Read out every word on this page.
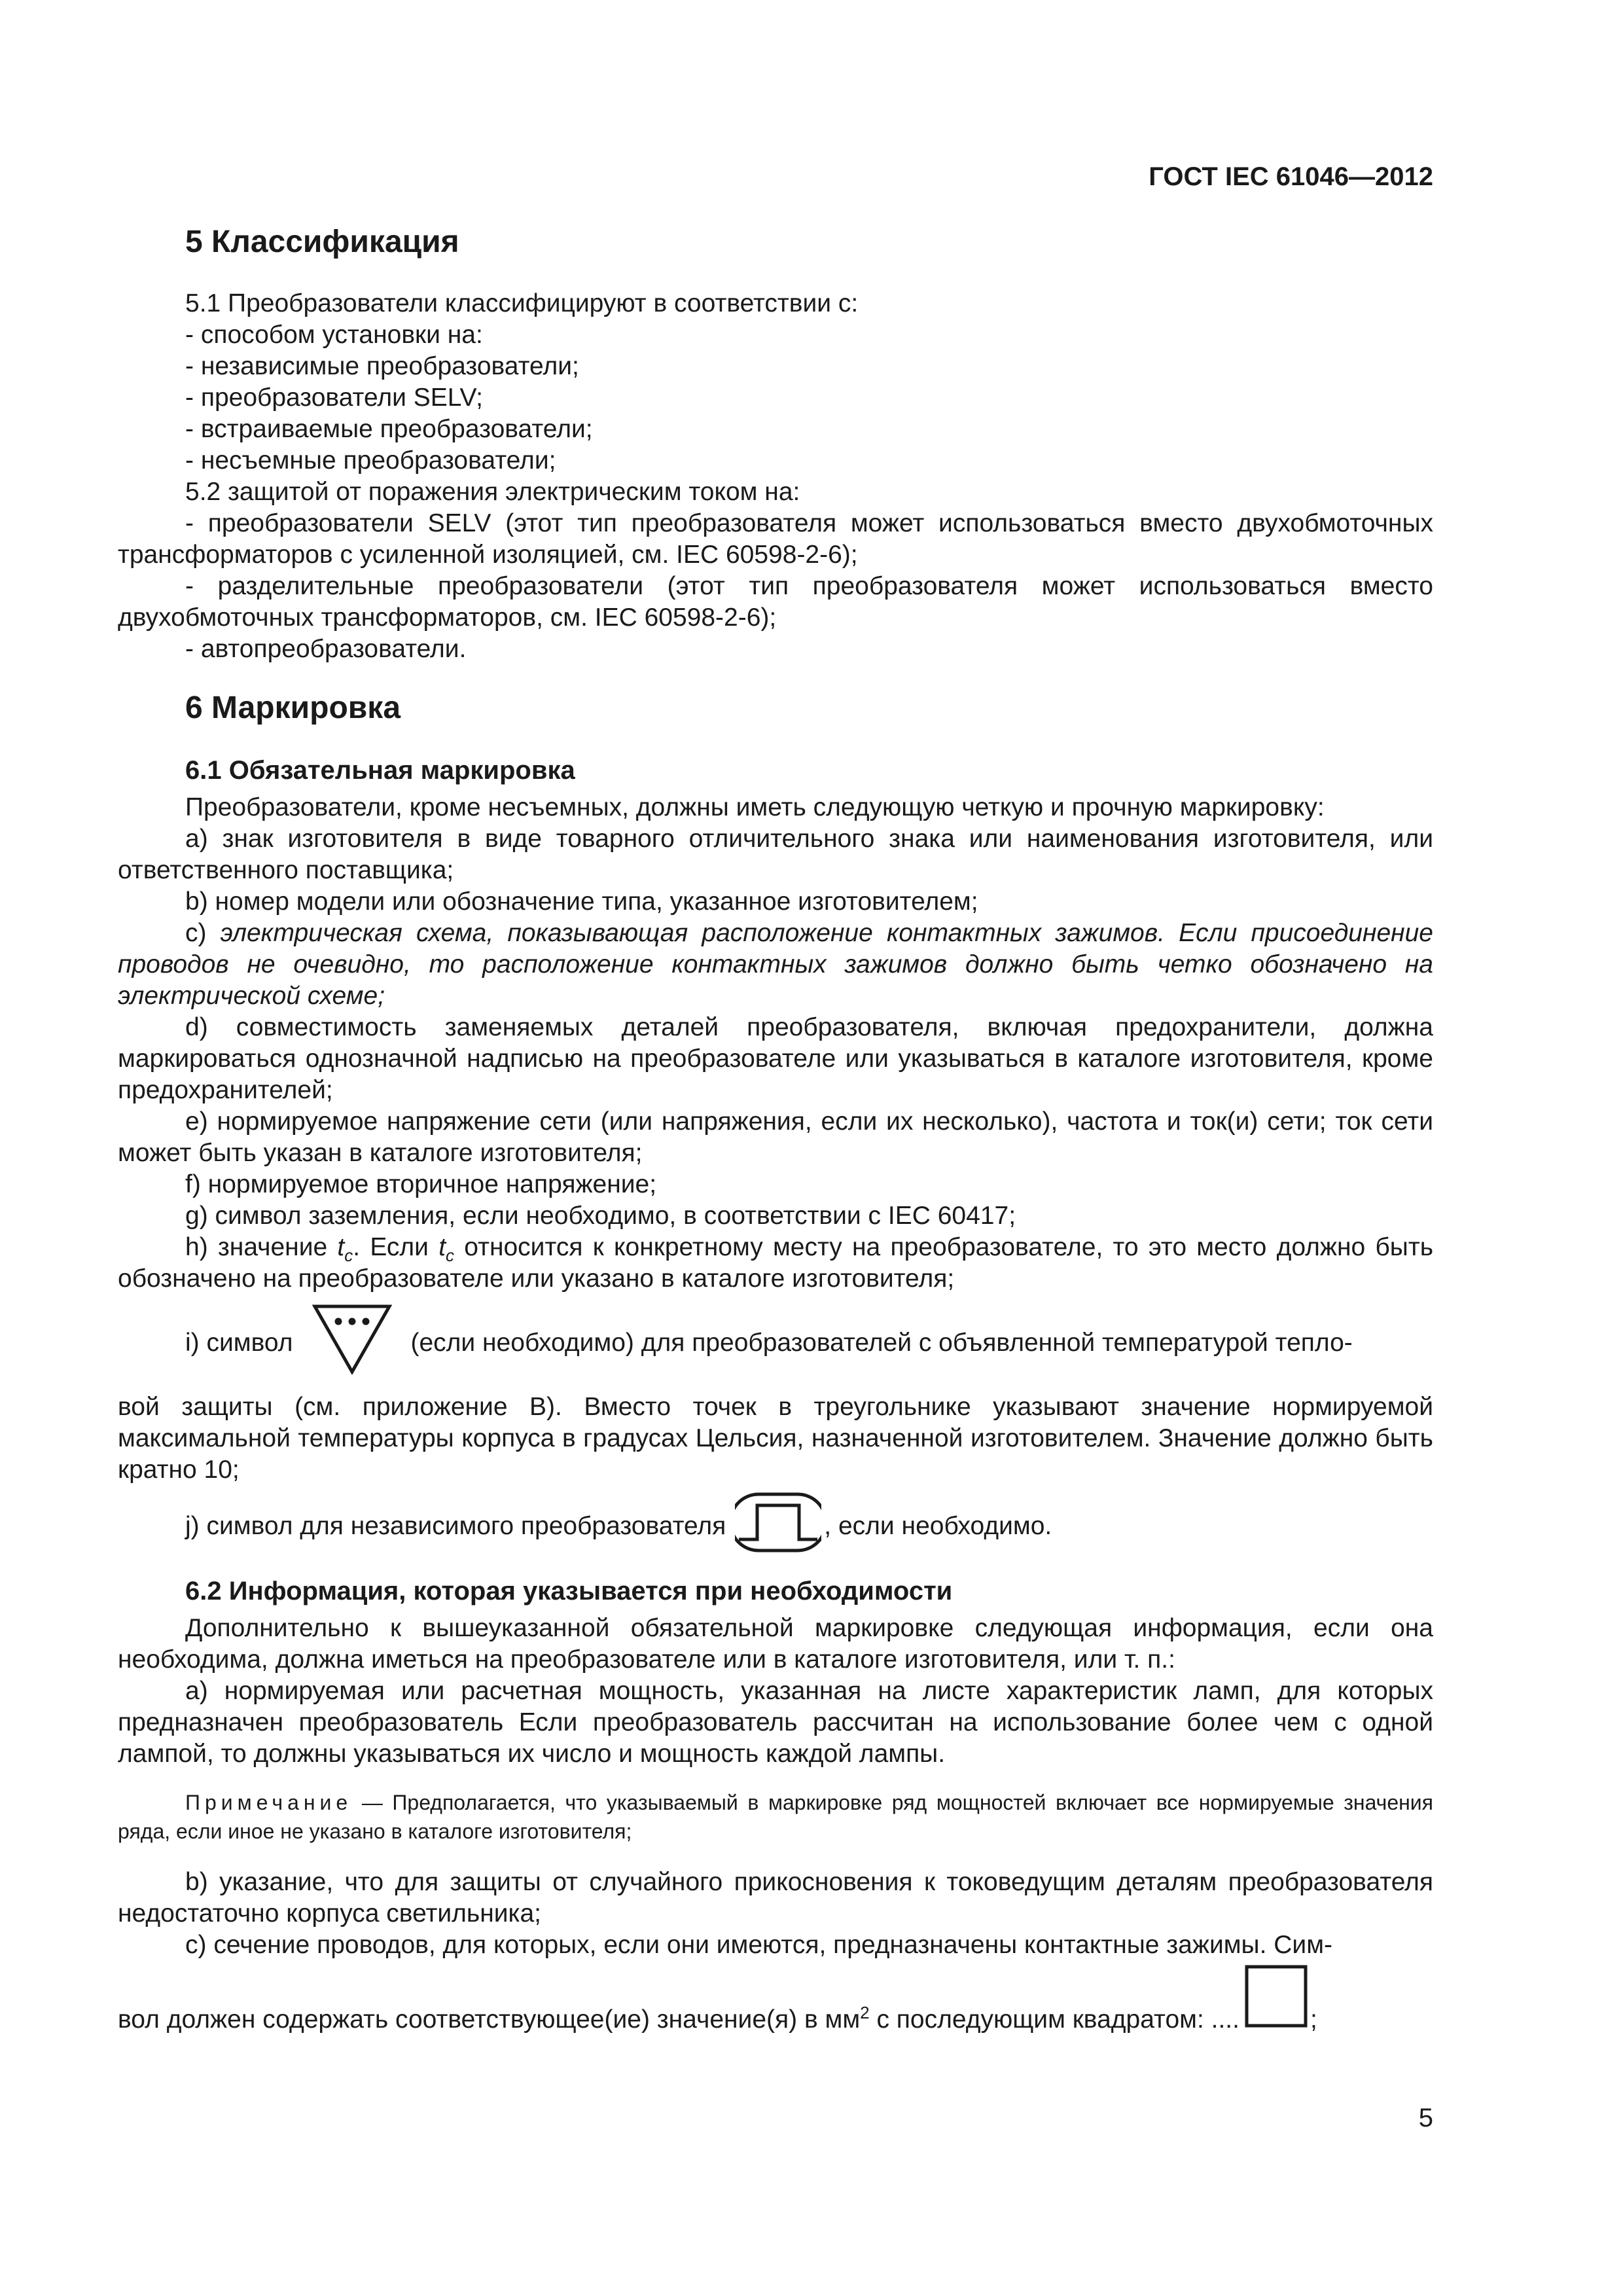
ГОСТ IEC 61046—2012
5 Классификация

5.1 Преобразователи классифицируют в соответствии с:

- способом установки на:

- независимые преобразователи;

- преобразователи SELV;

- встраиваемые преобразователи;

- несъемные преобразователи;

5.2 защитой от поражения электрическим током на:

- преобразователи SELV (этот тип преобразователя может использоваться вместо двухобмоточных трансформаторов с усиленной изоляцией, см. IEC 60598-2-6);

- разделительные преобразователи (этот тип преобразователя может использоваться вместо двухобмоточных трансформаторов, см. IEC 60598-2-6);

- автопреобразователи.

6 Маркировка
6.1 Обязательная маркировка

Преобразователи, кроме несъемных, должны иметь следующую четкую и прочную маркировку:

а) знак изготовителя в виде товарного отличительного знака или наименования изготовителя, или ответственного поставщика;

b) номер модели или обозначение типа, указанное изготовителем;

с) электрическая схема, показывающая расположение контактных зажимов. Если присоединение проводов не очевидно, то расположение контактных зажимов должно быть четко обозначено на электрической схеме;

d) совместимость заменяемых деталей преобразователя, включая предохранители, должна маркироваться однозначной надписью на преобразователе или указываться в каталоге изготовителя, кроме предохранителей;

е) нормируемое напряжение сети (или напряжения, если их несколько), частота и ток(и) сети; ток сети может быть указан в каталоге изготовителя;

f) нормируемое вторичное напряжение;

g) символ заземления, если необходимо, в соответствии с IEC 60417;

h) значение $t_c$. Если $t_c$ относится к конкретному месту на преобразователе, то это место должно быть обозначено на преобразователе или указано в каталоге изготовителя;

i) символ	(если необходимо) для преобразователей с объявленной температурой тепло-

вой защиты (см. приложение В). Вместо точек в треугольнике указывают значение нормируемой максимальной температуры корпуса в градусах Цельсия, назначенной изготовителем. Значение должно быть кратно 10;

j) символ для независимого преобразователя	, если необходимо.
6.2 Информация, которая указывается при необходимости

Дополнительно к вышеуказанной обязательной маркировке следующая информация, если она необходима, должна иметься на преобразователе или в каталоге изготовителя, или т. п.:

а) нормируемая или расчетная мощность, указанная на листе характеристик ламп, для которых предназначен преобразователь Если преобразователь рассчитан на использование более чем с одной лампой, то должны указываться их число и мощность каждой лампы.

Примечание — Предполагается, что указываемый в маркировке ряд мощностей включает все нормируемые значения ряда, если иное не указано в каталоге изготовителя;

b) указание, что для защиты от случайного прикосновения к токоведущим деталям преобразователя недостаточно корпуса светильника;

с) сечение проводов, для которых, если они имеются, предназначены контактные зажимы. Сим-

вол должен содержать соответствующее(ие) значение(я) в $мм^2$ с последующим квадратом: ....	;
5
